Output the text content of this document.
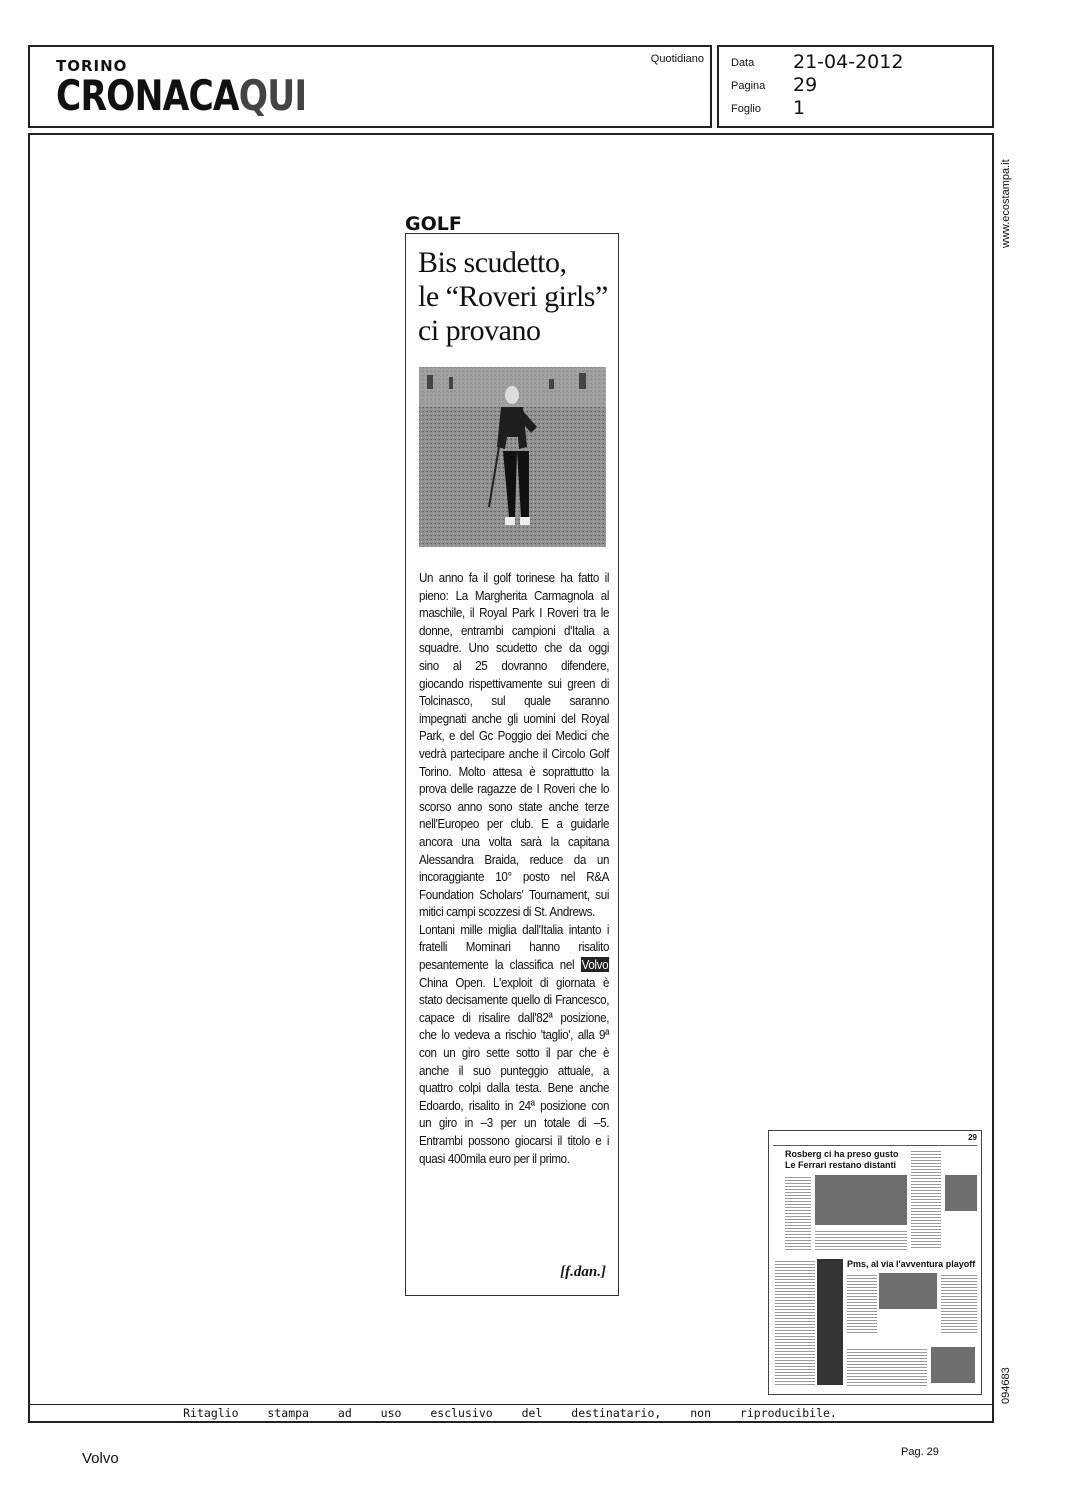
TORINO
CRONACAQUI
Quotidiano Data 21-04-2012
Pagina 29
Foglio 1
Ritaglio stampa ad uso esclusivo del destinatario, non riproducibile.
www.ecostampa.it
094683
GOLF
Bis scudetto,
le “Roveri girls”
ci provano

Un anno fa il golf torinese ha fatto il pieno: La Margherita Carmagnola al maschile, il Royal Park I Roveri tra le donne, entrambi campioni d'Italia a squadre. Uno scudetto che da oggi sino al 25 dovranno difendere, giocando rispettivamente sui green di Tolcinasco, sul quale saranno impegnati anche gli uomini del Royal Park, e del Gc Poggio dei Medici che vedrà partecipare anche il Circolo Golf Torino. Molto attesa è soprattutto la prova delle ragazze de I Roveri che lo scorso anno sono state anche terze nell'Europeo per club. E a guidarle ancora una volta sarà la capitana Alessandra Braida, reduce da un incoraggiante 10° posto nel R&A Foundation Scholars' Tournament, sui mitici campi scozzesi di St. Andrews.

Lontani mille miglia dall'Italia intanto i fratelli Mominari hanno risalito pesantemente la classifica nel Volvo China Open. L'exploit di giornata è stato decisamente quello di Francesco, capace di risalire dall'82ª posizione, che lo vedeva a rischio 'taglio', alla 9ª con un giro sette sotto il par che è anche il suo punteggio attuale, a quattro colpi dalla testa. Bene anche Edoardo, risalito in 24ª posizione con un giro in –3 per un totale di –5. Entrambi possono giocarsi il titolo e i quasi 400mila euro per il primo.

[f.dan.]
29
Rosberg ci ha preso gusto
Le Ferrari restano distanti
Pms, al via l'avventura playoff
Volvo	Pag. 29
